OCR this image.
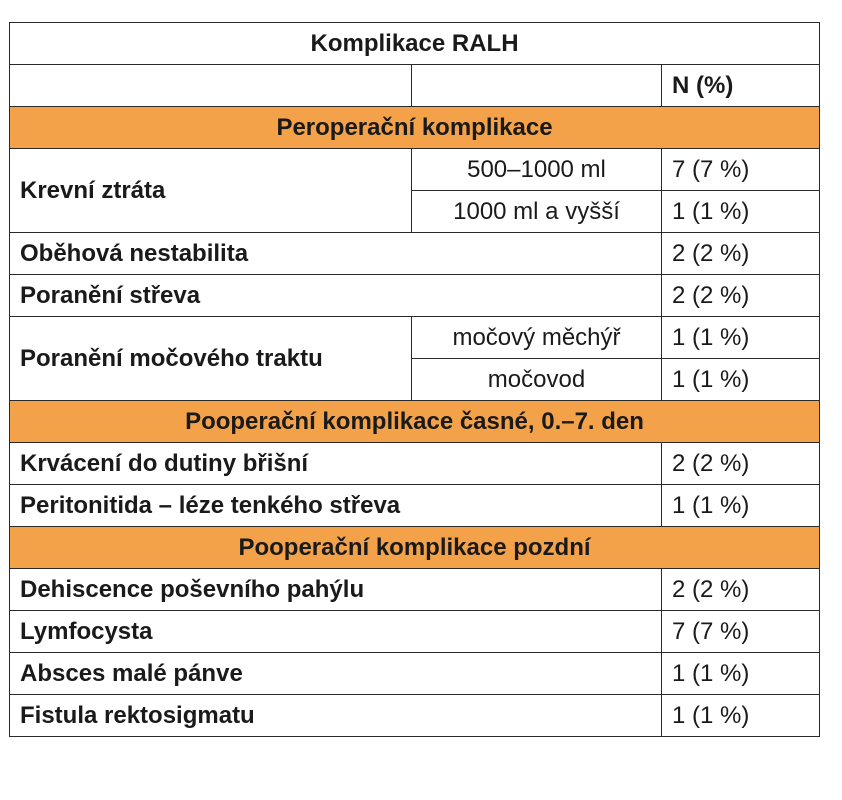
Komplikace RALH		
		N (%)
Peroperační komplikace		
Krevní ztráta	500–1000 ml	7 (7 %)
	1000 ml a vyšší	1 (1 %)
Oběhová nestabilita		2 (2 %)
Poranění střeva		2 (2 %)
Poranění močového traktu	močový měchýř	1 (1 %)
	močovod	1 (1 %)
Pooperační komplikace časné, 0.–7. den		
Krvácení do dutiny břišní		2 (2 %)
Peritonitida – léze tenkého střeva		1 (1 %)
Pooperační komplikace pozdní		
Dehiscence poševního pahýlu		2 (2 %)
Lymfocysta		7 (7 %)
Absces malé pánve		1 (1 %)
Fistula rektosigmatu		1 (1 %)
